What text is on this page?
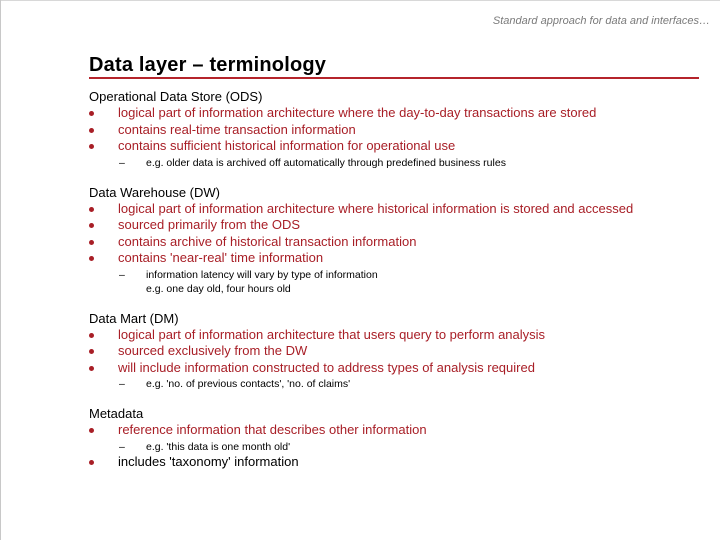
Standard approach for data and interfaces…
Data layer – terminology
Operational Data Store (ODS)
logical part of information architecture where the day-to-day transactions are stored
contains real-time transaction information
contains sufficient historical information for operational use
– e.g. older data is archived off automatically through predefined business rules
Data Warehouse (DW)
logical part of information architecture where historical information is stored and accessed
sourced primarily from the ODS
contains archive of historical transaction information
contains 'near-real' time information
– information latency will vary by type of information
e.g. one day old, four hours old
Data Mart (DM)
logical part of information architecture that users query to perform analysis
sourced exclusively from the DW
will include information constructed to address types of analysis required
– e.g. 'no. of previous contacts', 'no. of claims'
Metadata
reference information that describes other information
– e.g. 'this data is one month old'
includes 'taxonomy' information
